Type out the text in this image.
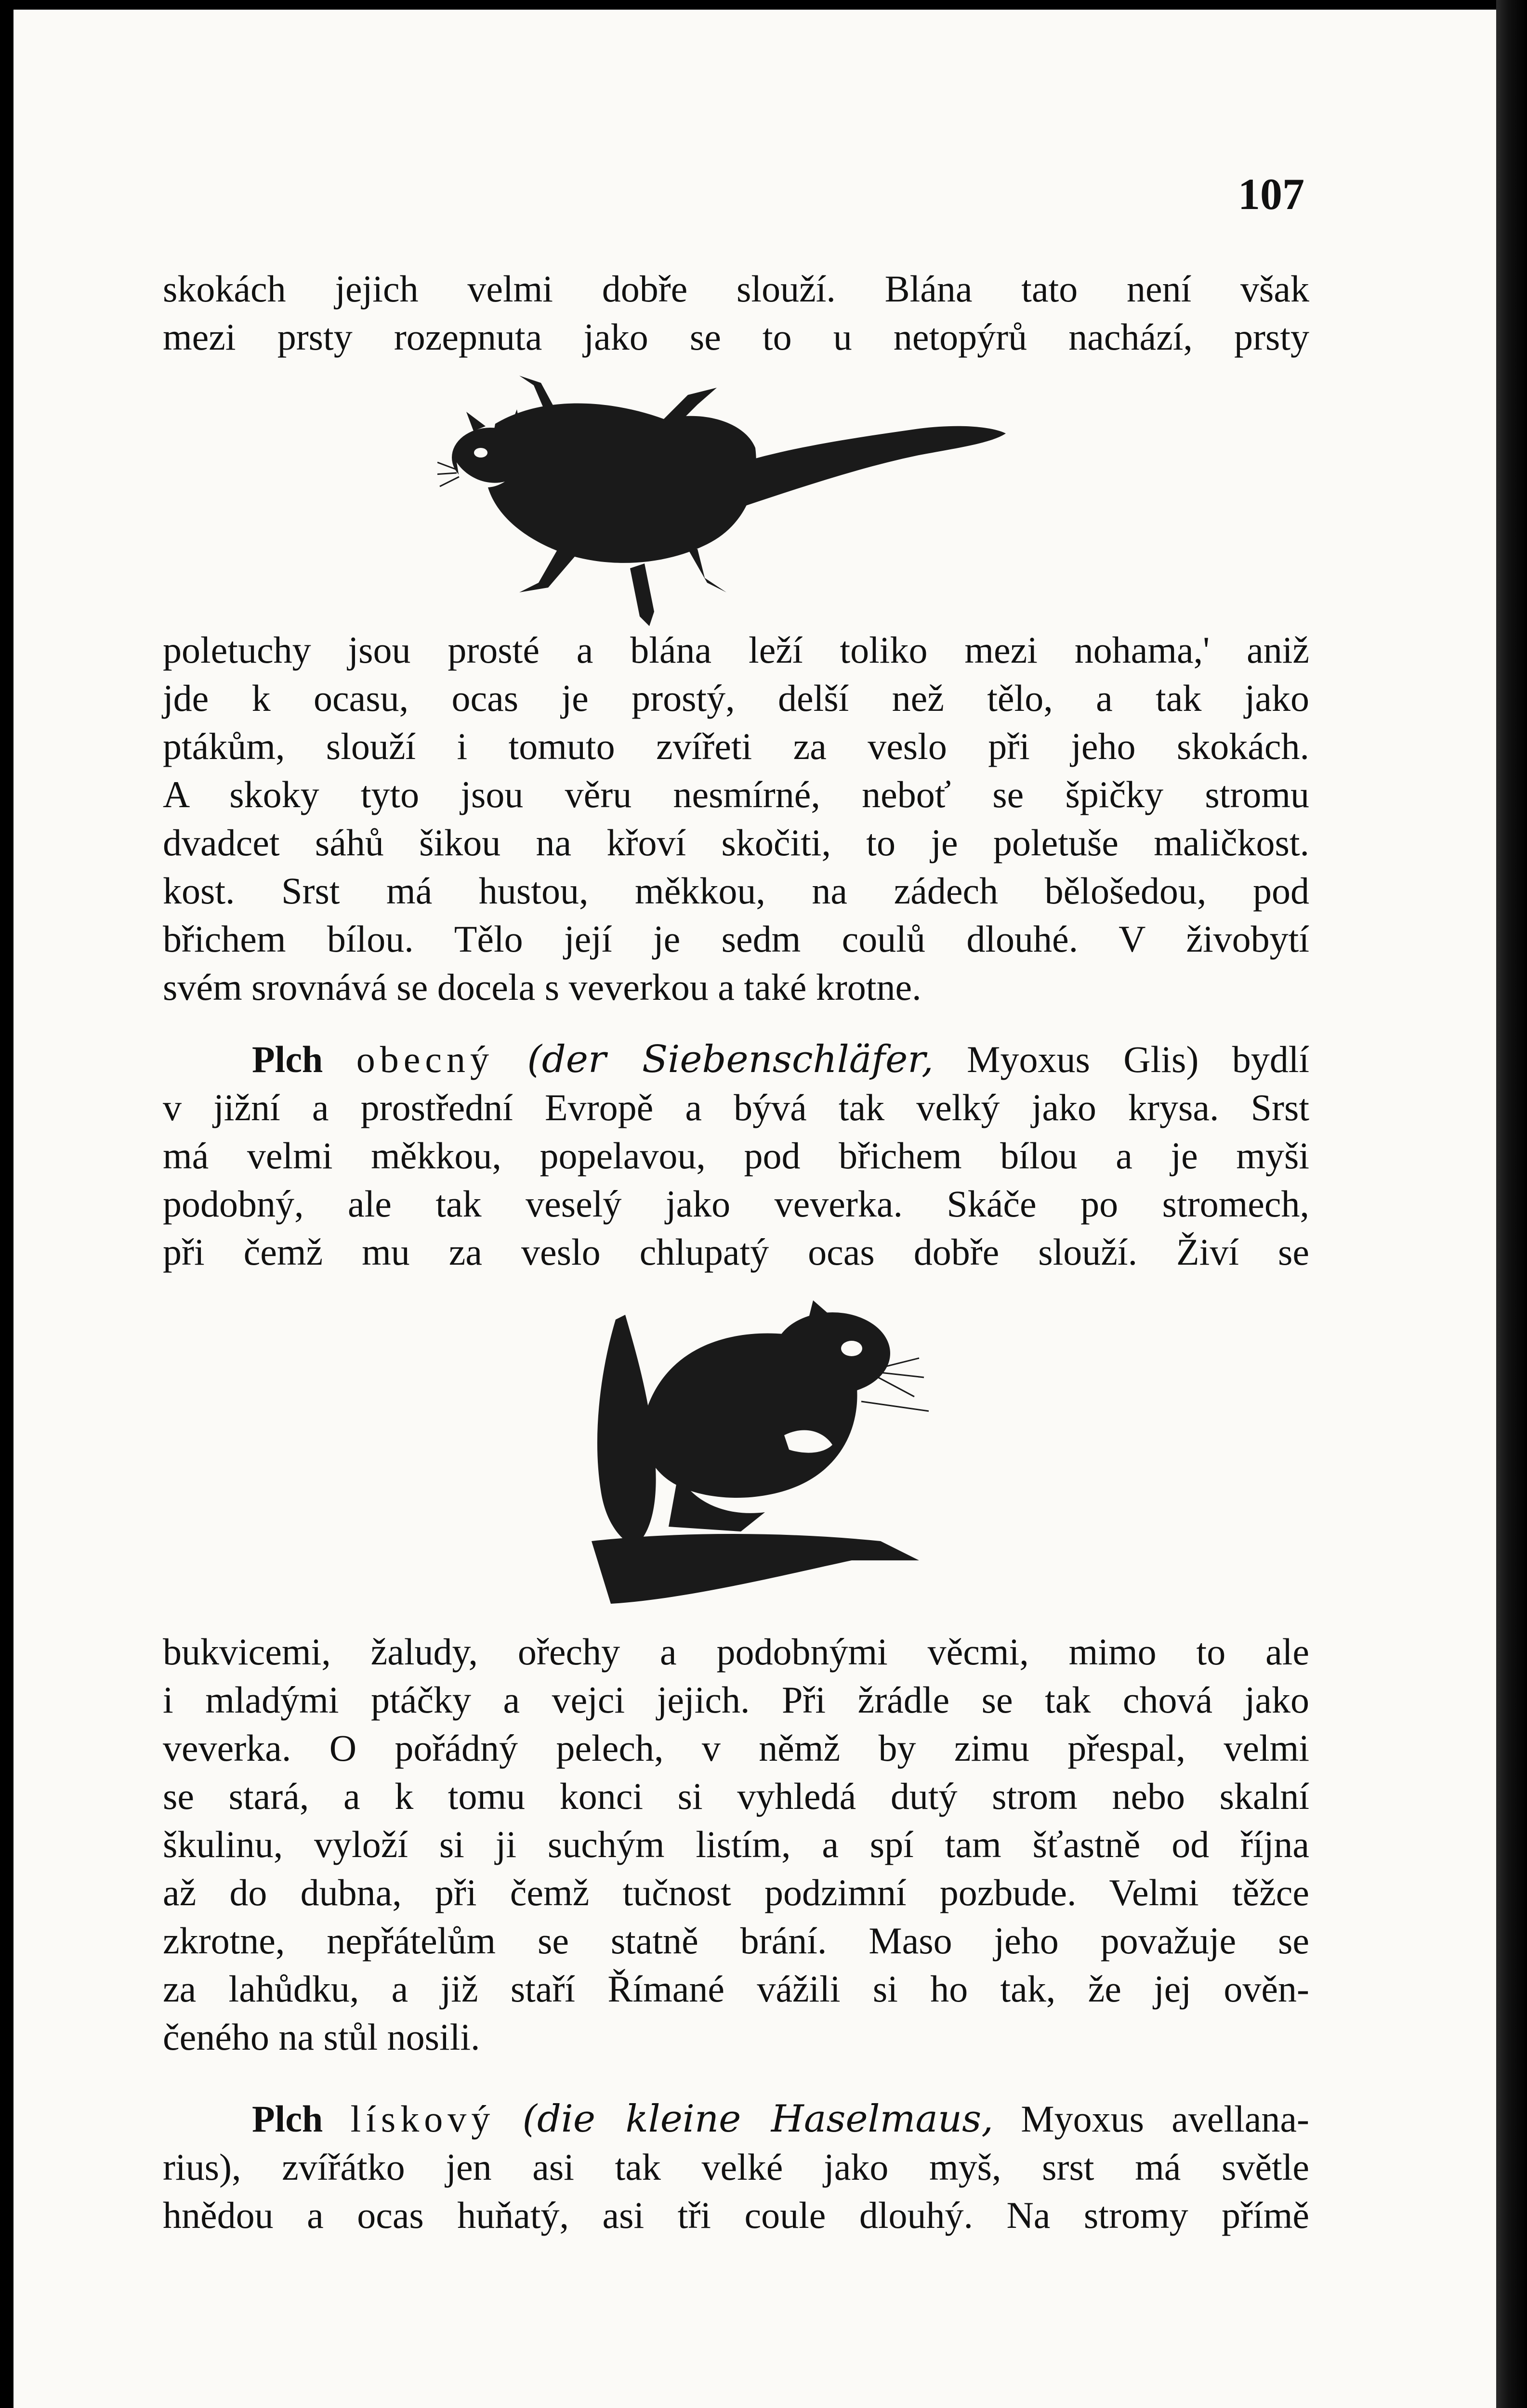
107

skokách jejich velmi dobře slouží. Blána tato není však

mezi prsty rozepnuta jako se to u netopýrů nachází, prsty

poletuchy jsou prosté a blána leží toliko mezi nohama,' aniž

jde k ocasu, ocas je prostý, delší než tělo, a tak jako

ptákům, slouží i tomuto zvířeti za veslo při jeho skokách.

A skoky tyto jsou věru nesmírné, neboť se špičky stromu

dvadcet sáhů šikou na křoví skočiti, to je poletuše maličkost.

kost. Srst má hustou, měkkou, na zádech bělošedou, pod

břichem bílou. Tělo její je sedm coulů dlouhé. V živobytí

svém srovnává se docela s veverkou a také krotne.

Plch obecný (der Siebenschläfer, Myoxus Glis) bydlí

v jižní a prostřední Evropě a bývá tak velký jako krysa. Srst

má velmi měkkou, popelavou, pod břichem bílou a je myši

podobný, ale tak veselý jako veverka. Skáče po stromech,

při čemž mu za veslo chlupatý ocas dobře slouží. Živí se

bukvicemi, žaludy, ořechy a podobnými věcmi, mimo to ale

i mladými ptáčky a vejci jejich. Při žrádle se tak chová jako

veverka. O pořádný pelech, v němž by zimu přespal, velmi

se stará, a k tomu konci si vyhledá dutý strom nebo skalní

škulinu, vyloží si ji suchým listím, a spí tam šťastně od října

až do dubna, při čemž tučnost podzimní pozbude. Velmi těžce

zkrotne, nepřátelům se statně brání. Maso jeho považuje se

za lahůdku, a již staří Římané vážili si ho tak, že jej ověn-

čeného na stůl nosili.

Plch lískový (die kleine Haselmaus, Myoxus avellana-

rius), zvířátko jen asi tak velké jako myš, srst má světle

hnědou a ocas huňatý, asi tři coule dlouhý. Na stromy přímě
